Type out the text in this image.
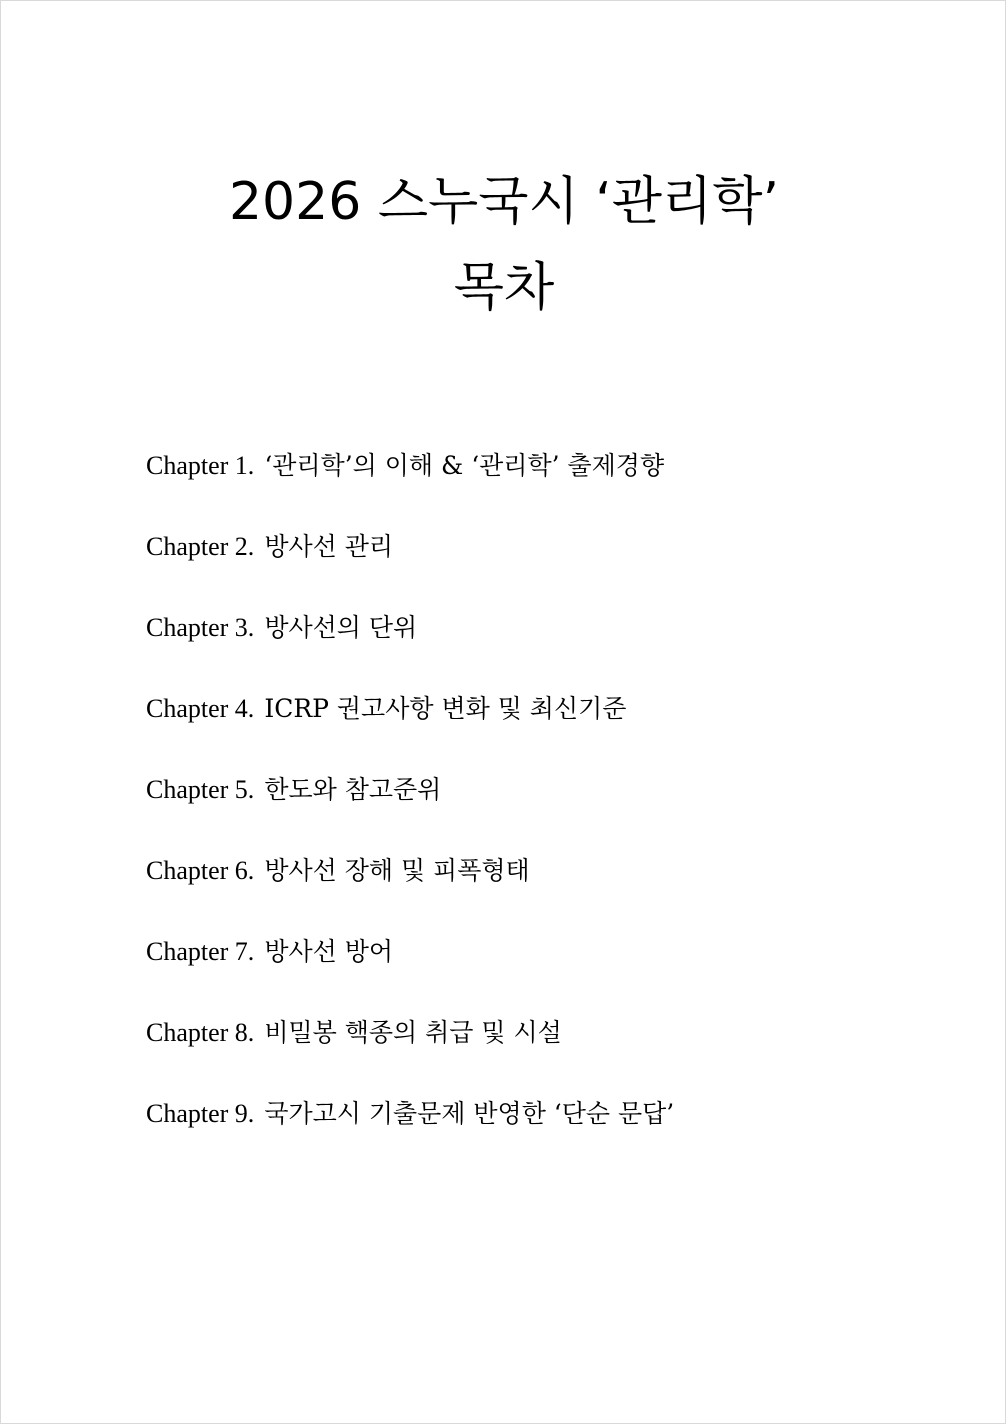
2026 스누국시 ‘관리학’
목차
Chapter 1. ‘관리학’의 이해 & ‘관리학’ 출제경향
Chapter 2. 방사선 관리
Chapter 3. 방사선의 단위
Chapter 4. ICRP 권고사항 변화 및 최신기준
Chapter 5. 한도와 참고준위
Chapter 6. 방사선 장해 및 피폭형태
Chapter 7. 방사선 방어
Chapter 8. 비밀봉 핵종의 취급 및 시설
Chapter 9. 국가고시 기출문제 반영한 ‘단순 문답’
